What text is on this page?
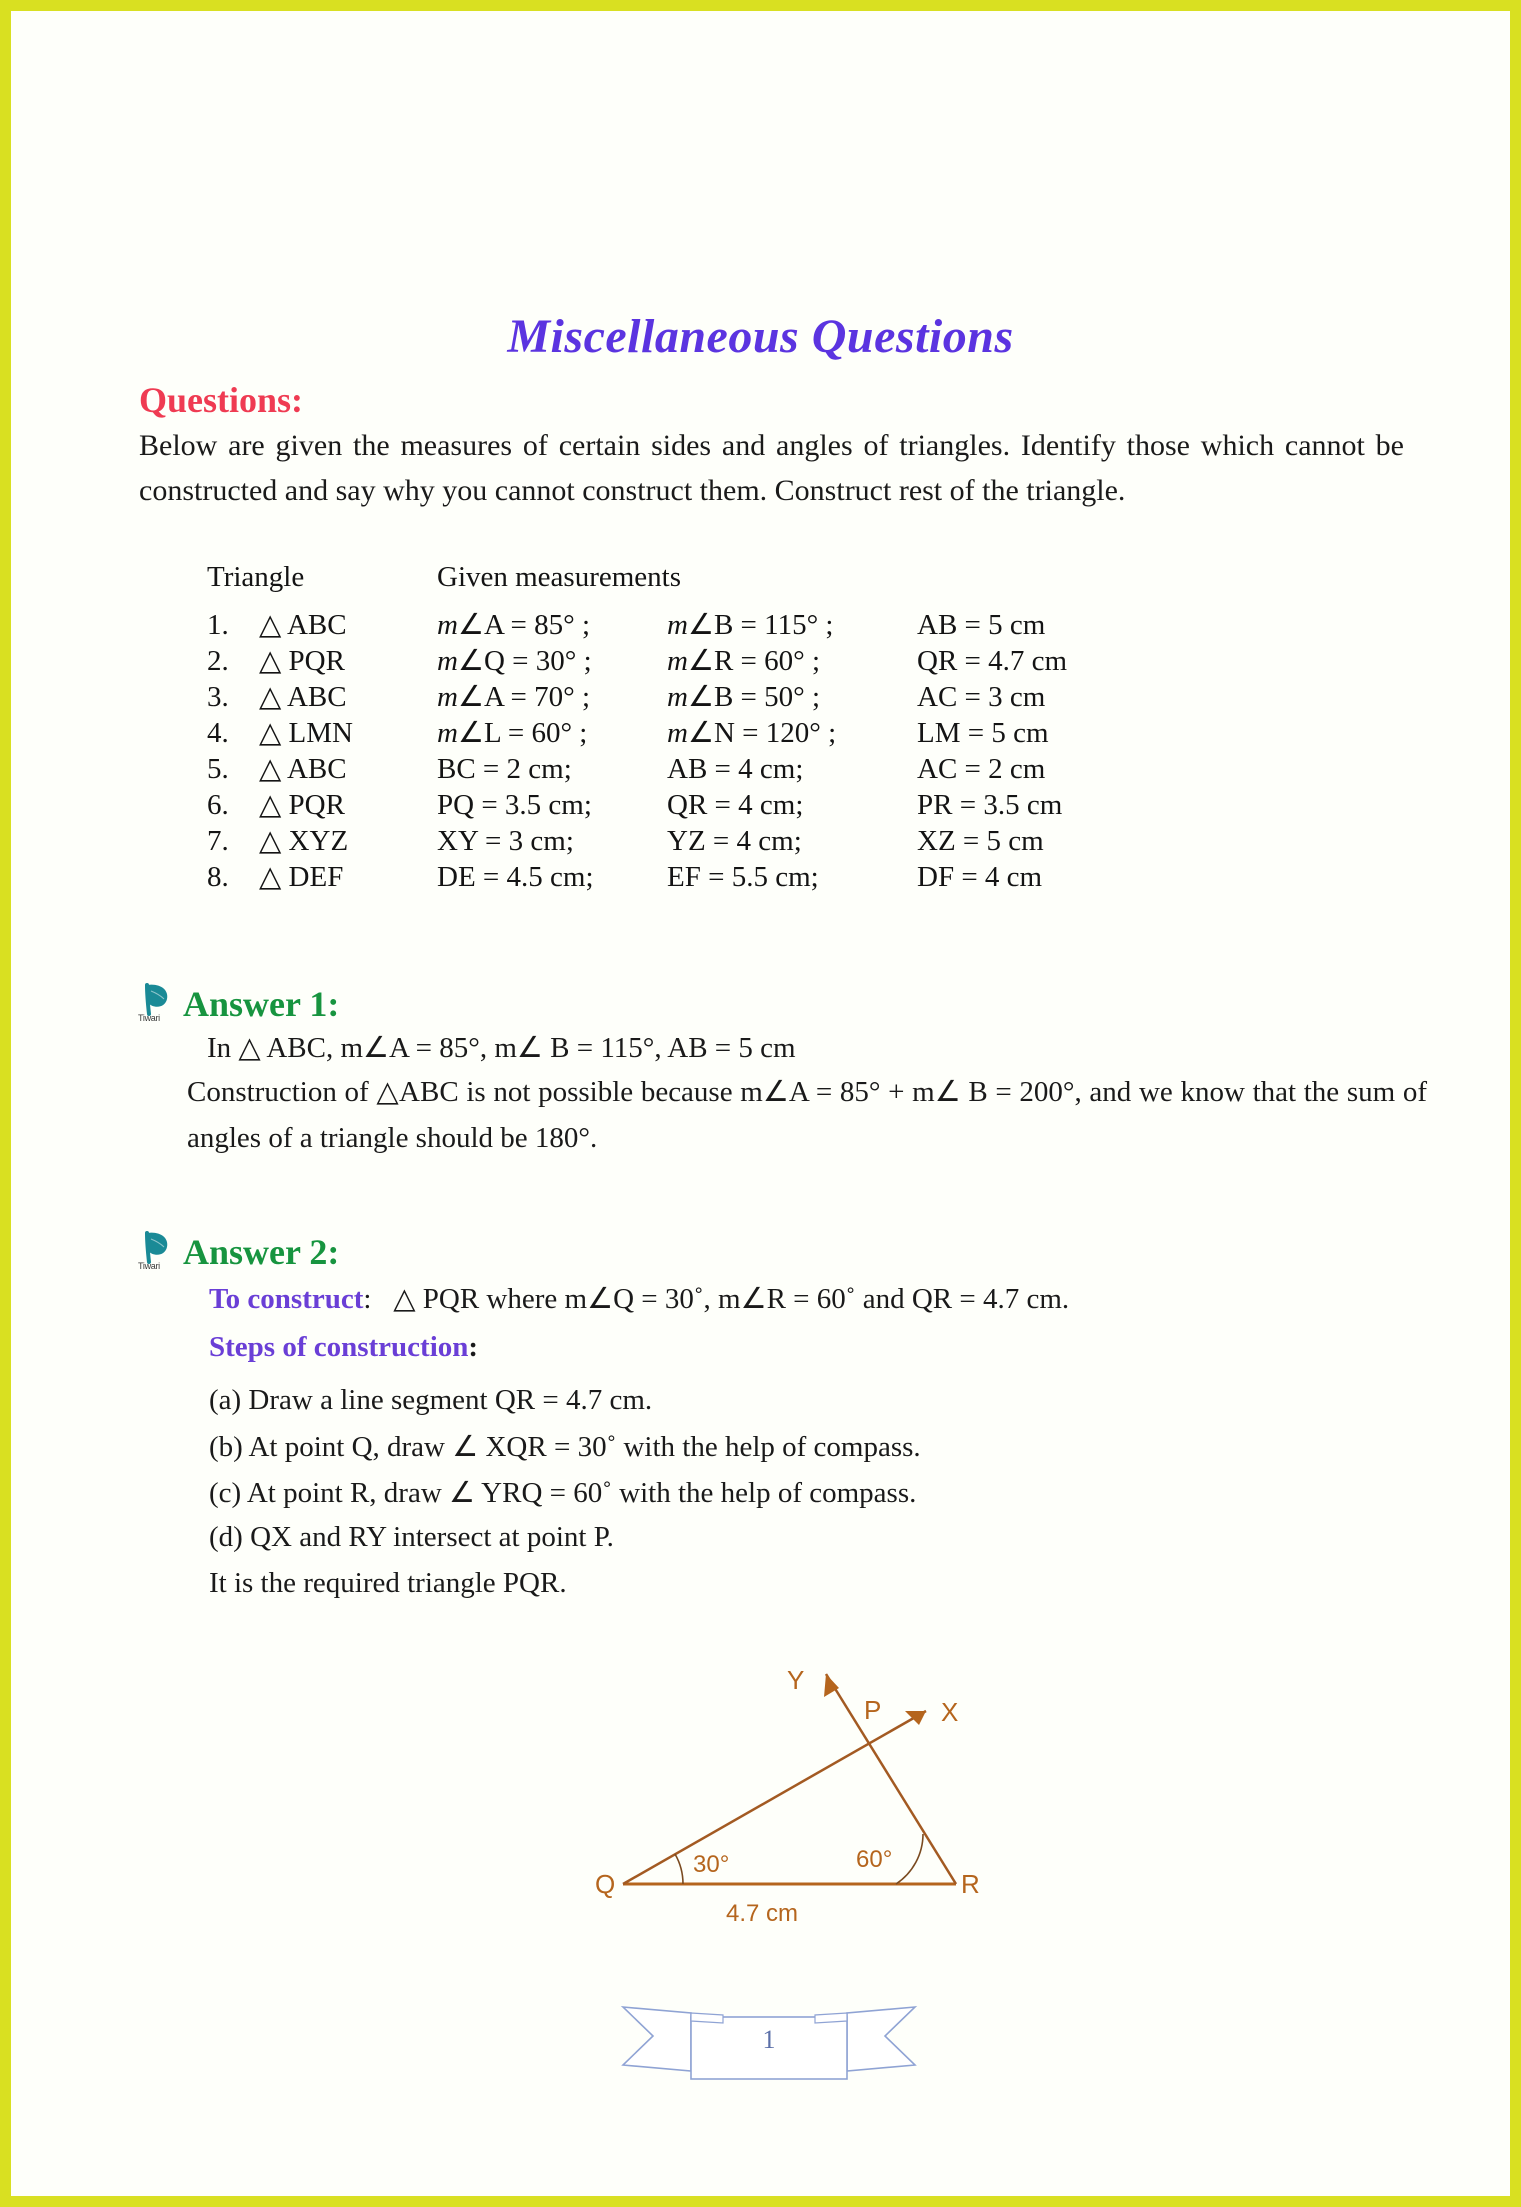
Miscellaneous Questions
Questions:
Below are given the measures of certain sides and angles of triangles. Identify those which cannot be constructed and say why you cannot construct them. Construct rest of the triangle.
Triangle		Given measurements		
1.	△ ABC	m∠A = 85° ;	m∠B = 115° ;	AB = 5 cm
2.	△ PQR	m∠Q = 30° ;	m∠R = 60° ;	QR = 4.7 cm
3.	△ ABC	m∠A = 70° ;	m∠B = 50° ;	AC = 3 cm
4.	△ LMN	m∠L = 60° ;	m∠N = 120° ;	LM = 5 cm
5.	△ ABC	BC = 2 cm;	AB = 4 cm;	AC = 2 cm
6.	△ PQR	PQ = 3.5 cm;	QR = 4 cm;	PR = 3.5 cm
7.	△ XYZ	XY = 3 cm;	YZ = 4 cm;	XZ = 5 cm
8.	△ DEF	DE = 4.5 cm;	EF = 5.5 cm;	DF = 4 cm
Tiwari Answer 1:
In △ ABC, m∠A = 85°, m∠ B = 115°, AB = 5 cm
Construction of △ABC is not possible because m∠A = 85° + m∠ B = 200°, and we know that the sum of angles of a triangle should be 180°.
Tiwari Answer 2:
To construct:   △ PQR where m∠Q = 30˚, m∠R = 60˚ and QR = 4.7 cm.
Steps of construction:
(a) Draw a line segment QR = 4.7 cm.
(b) At point Q, draw ∠ XQR = 30˚ with the help of compass.
(c) At point R, draw ∠ YRQ = 60˚ with the help of compass.
(d) QX and RY intersect at point P.
It is the required triangle PQR.
Q	R
P X
Y
30°	60°
4.7 cm
1
